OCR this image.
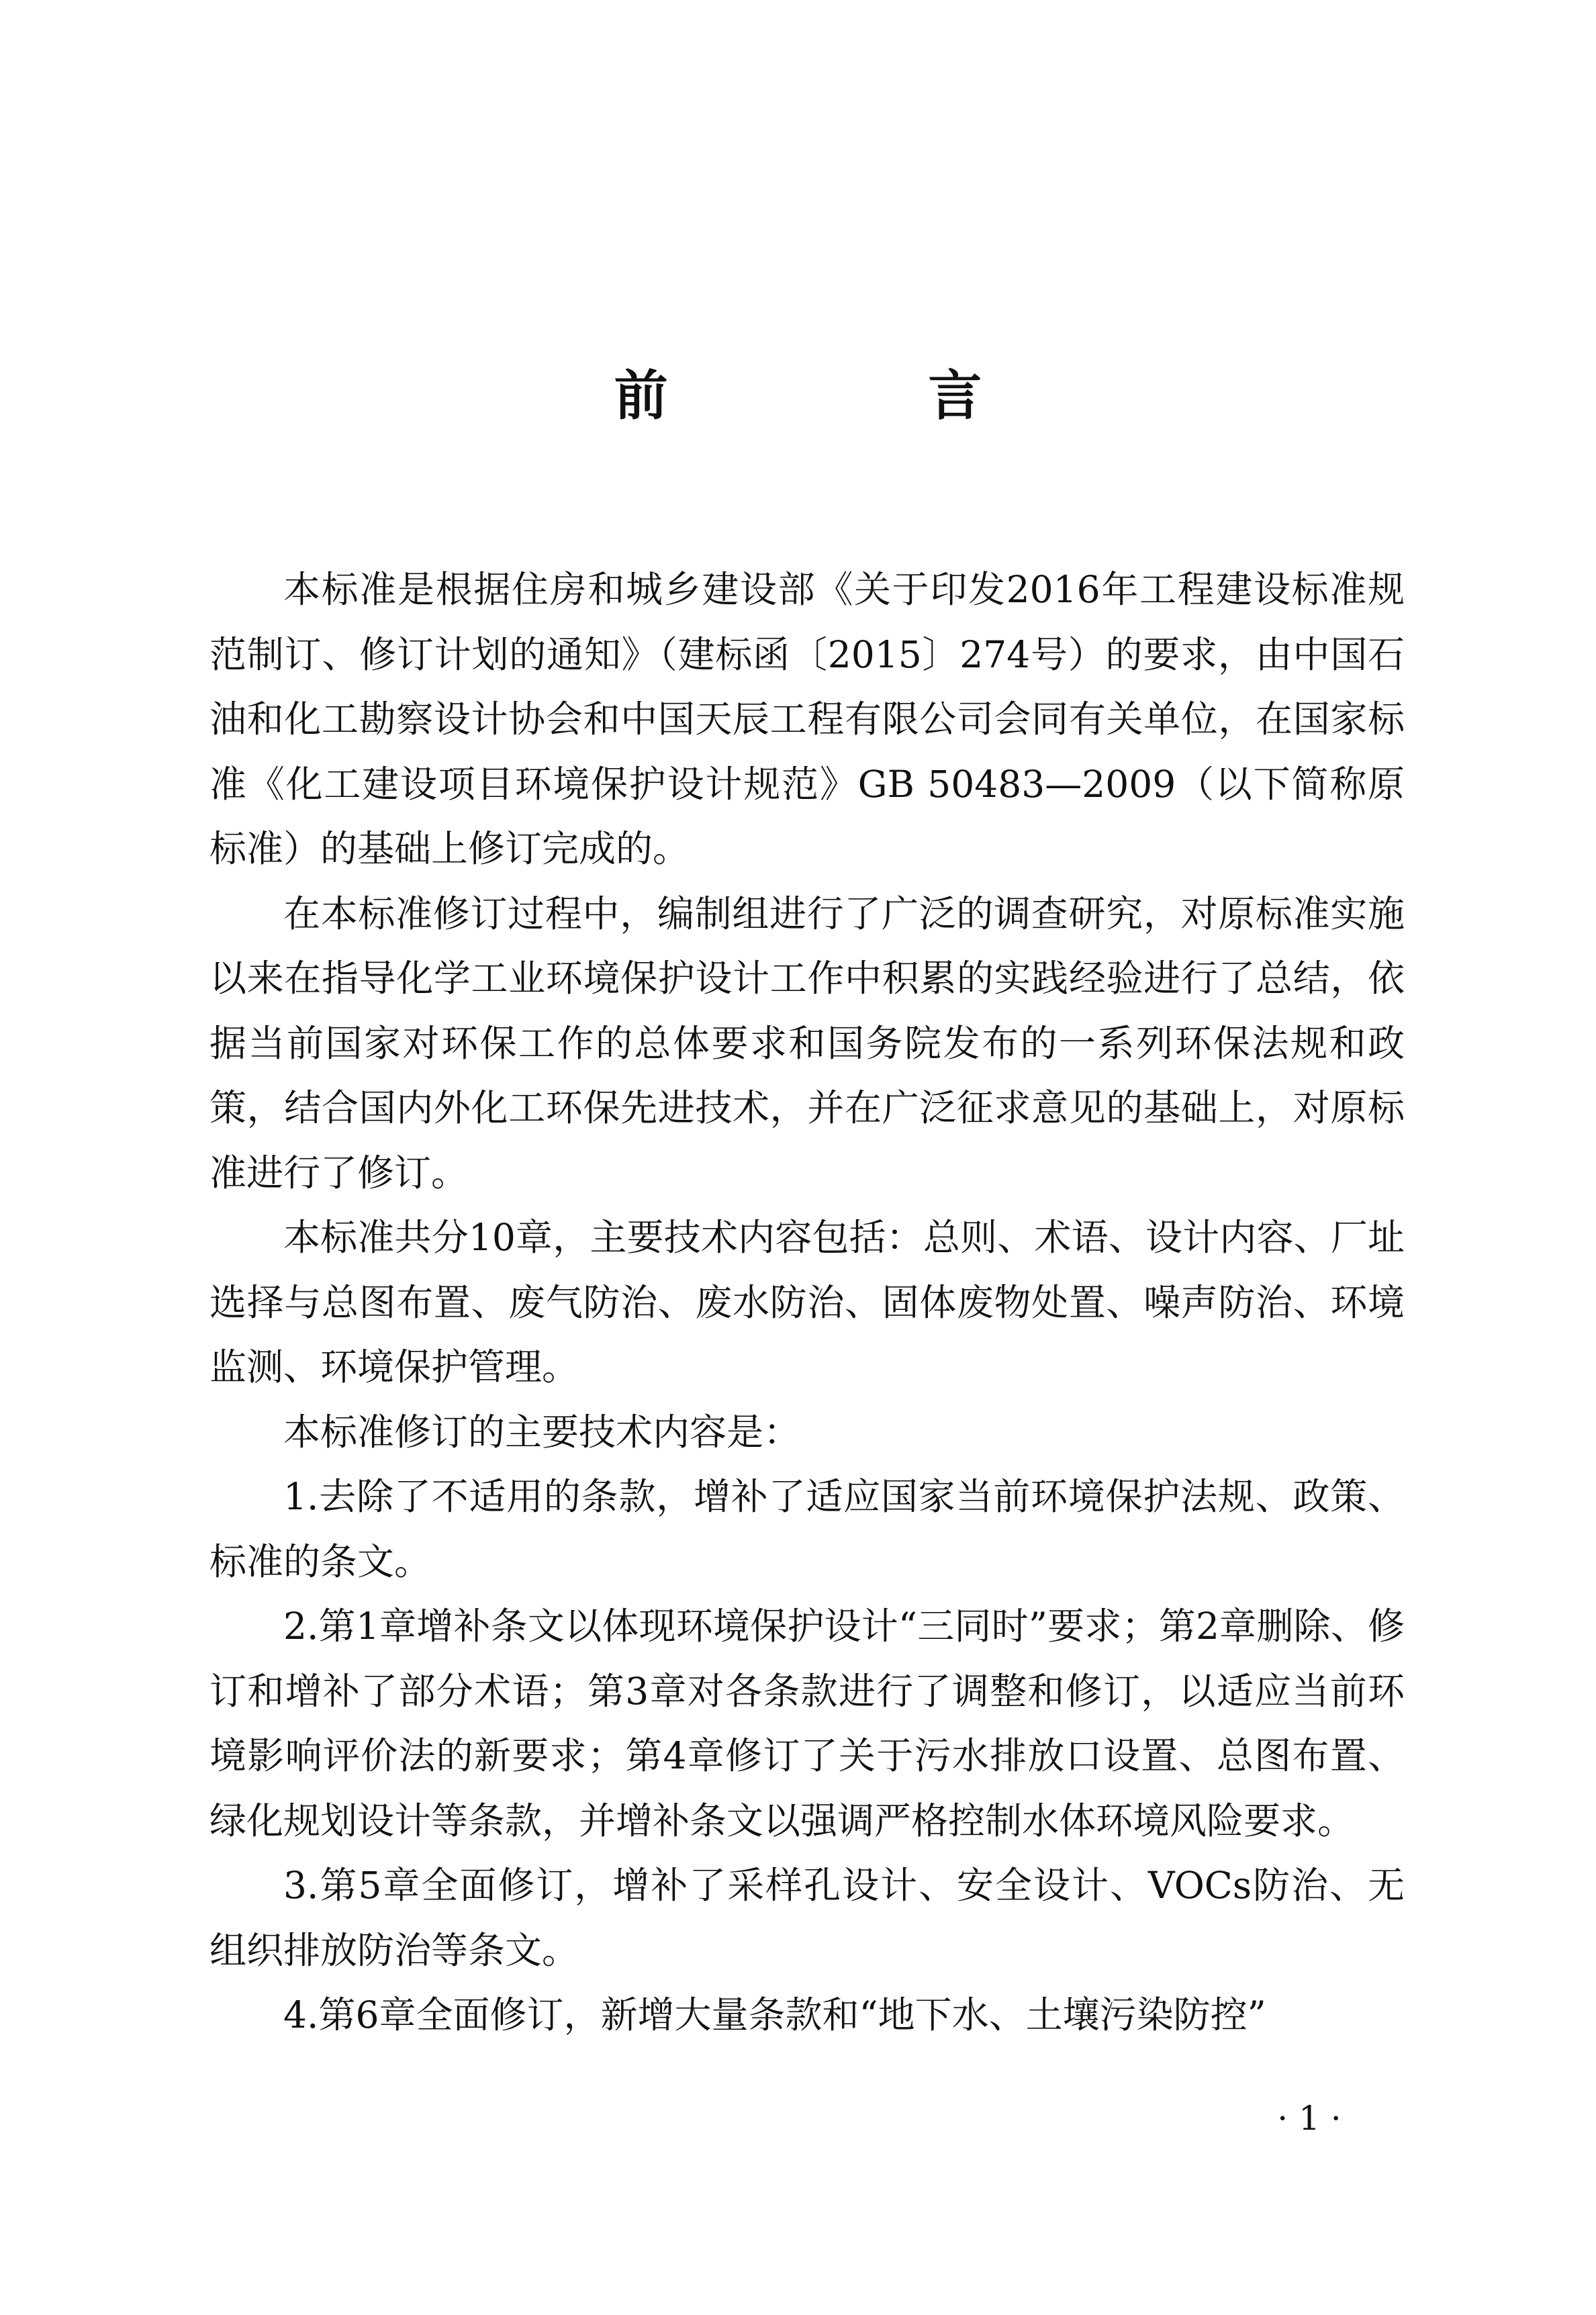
前 言

本标准是根据住房和城乡建设部《关于印发2016年工程建设标准规范制订、修订计划的通知》（建标函〔2015〕274号）的要求，由中国石油和化工勘察设计协会和中国天辰工程有限公司会同有关单位，在国家标准《化工建设项目环境保护设计规范》GB 50483—2009（以下简称原标准）的基础上修订完成的。

在本标准修订过程中，编制组进行了广泛的调查研究，对原标准实施以来在指导化学工业环境保护设计工作中积累的实践经验进行了总结，依据当前国家对环保工作的总体要求和国务院发布的一系列环保法规和政策，结合国内外化工环保先进技术，并在广泛征求意见的基础上，对原标准进行了修订。

本标准共分10章，主要技术内容包括：总则、术语、设计内容、厂址选择与总图布置、废气防治、废水防治、固体废物处置、噪声防治、环境监测、环境保护管理。

本标准修订的主要技术内容是：

1.去除了不适用的条款，增补了适应国家当前环境保护法规、政策、标准的条文。

2.第1章增补条文以体现环境保护设计“三同时”要求；第2章删除、修订和增补了部分术语；第3章对各条款进行了调整和修订，以适应当前环境影响评价法的新要求；第4章修订了关于污水排放口设置、总图布置、绿化规划设计等条款，并增补条文以强调严格控制水体环境风险要求。

3.第5章全面修订，增补了采样孔设计、安全设计、VOCs防治、无组织排放防治等条文。

4.第6章全面修订，新增大量条款和“地下水、土壤污染防控”

· 1 ·
